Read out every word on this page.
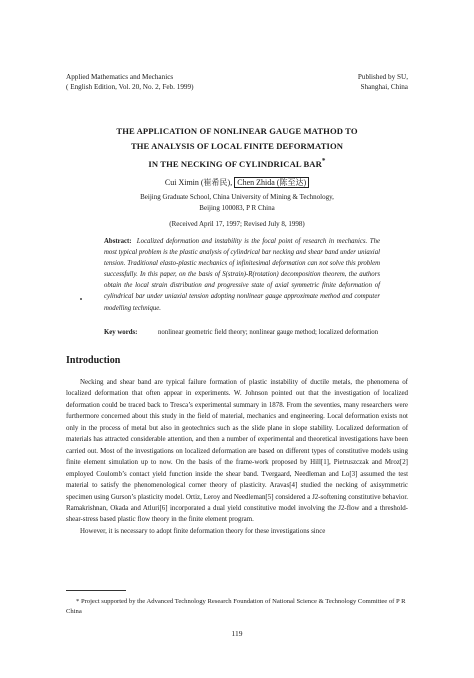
Applied Mathematics and Mechanics
( English Edition, Vol. 20, No. 2, Feb. 1999)
Published by SU,
Shanghai, China
THE APPLICATION OF NONLINEAR GAUGE MATHOD TO
THE ANALYSIS OF LOCAL FINITE DEFORMATION
IN THE NECKING OF CYLINDRICAL BAR*
Cui Ximin (崔希民), Chen Zhida (陈至达)
Beijing Graduate School, China University of Mining & Technology,
Beijing 100083, P R China
(Received April 17, 1997; Revised July 8, 1998)
Abstract: Localized deformation and instability is the focal point of research in mechanics. The most typical problem is the plastic analysis of cylindrical bar necking and shear band under uniaxial tension. Traditional elasto-plastic mechanics of infinitesimal deformation can not solve this problem successfully. In this paper, on the basis of S(strain)-R(rotation) decomposition theorem, the authors obtain the local strain distribution and progressive state of axial symmetric finite deformation of cylindrical bar under uniaxial tension adopting nonlinear gauge approximate method and computer modelling technique.
Key words:	nonlinear geometric field theory; nonlinear gauge method; localized deformation
Introduction

Necking and shear band are typical failure formation of plastic instability of ductile metals, the phenomena of localized deformation that often appear in experiments. W. Johnson pointed out that the investigation of localized deformation could be traced back to Tresca’s experimental summary in 1878. From the seventies, many researchers were furthermore concerned about this study in the field of material, mechanics and engineering. Local deformation exists not only in the process of metal but also in geotechnics such as the slide plane in slope stability. Localized deformation of materials has attracted considerable attention, and then a number of experimental and theoretical investigations have been carried out. Most of the investigations on localized deformation are based on different types of constitutive models using finite element simulation up to now. On the basis of the frame-work proposed by Hill[1], Pietruszczak and Mroz[2] employed Coulomb’s contact yield function inside the shear band. Tvergaard, Needleman and Lo[3] assumed the test material to satisfy the phenomenological corner theory of plasticity. Aravas[4] studied the necking of axisymmetric specimen using Gurson’s plasticity model. Ortiz, Leroy and Needleman[5] considered a J2-softening constitutive behavior. Ramakrishnan, Okada and Atluri[6] incorporated a dual yield constitutive model involving the J2-flow and a threshold-shear-stress based plastic flow theory in the finite element program.

However, it is necessary to adopt finite deformation theory for these investigations since

* Project supported by the Advanced Technology Research Foundation of National Science & Technology Committee of P R China
119
